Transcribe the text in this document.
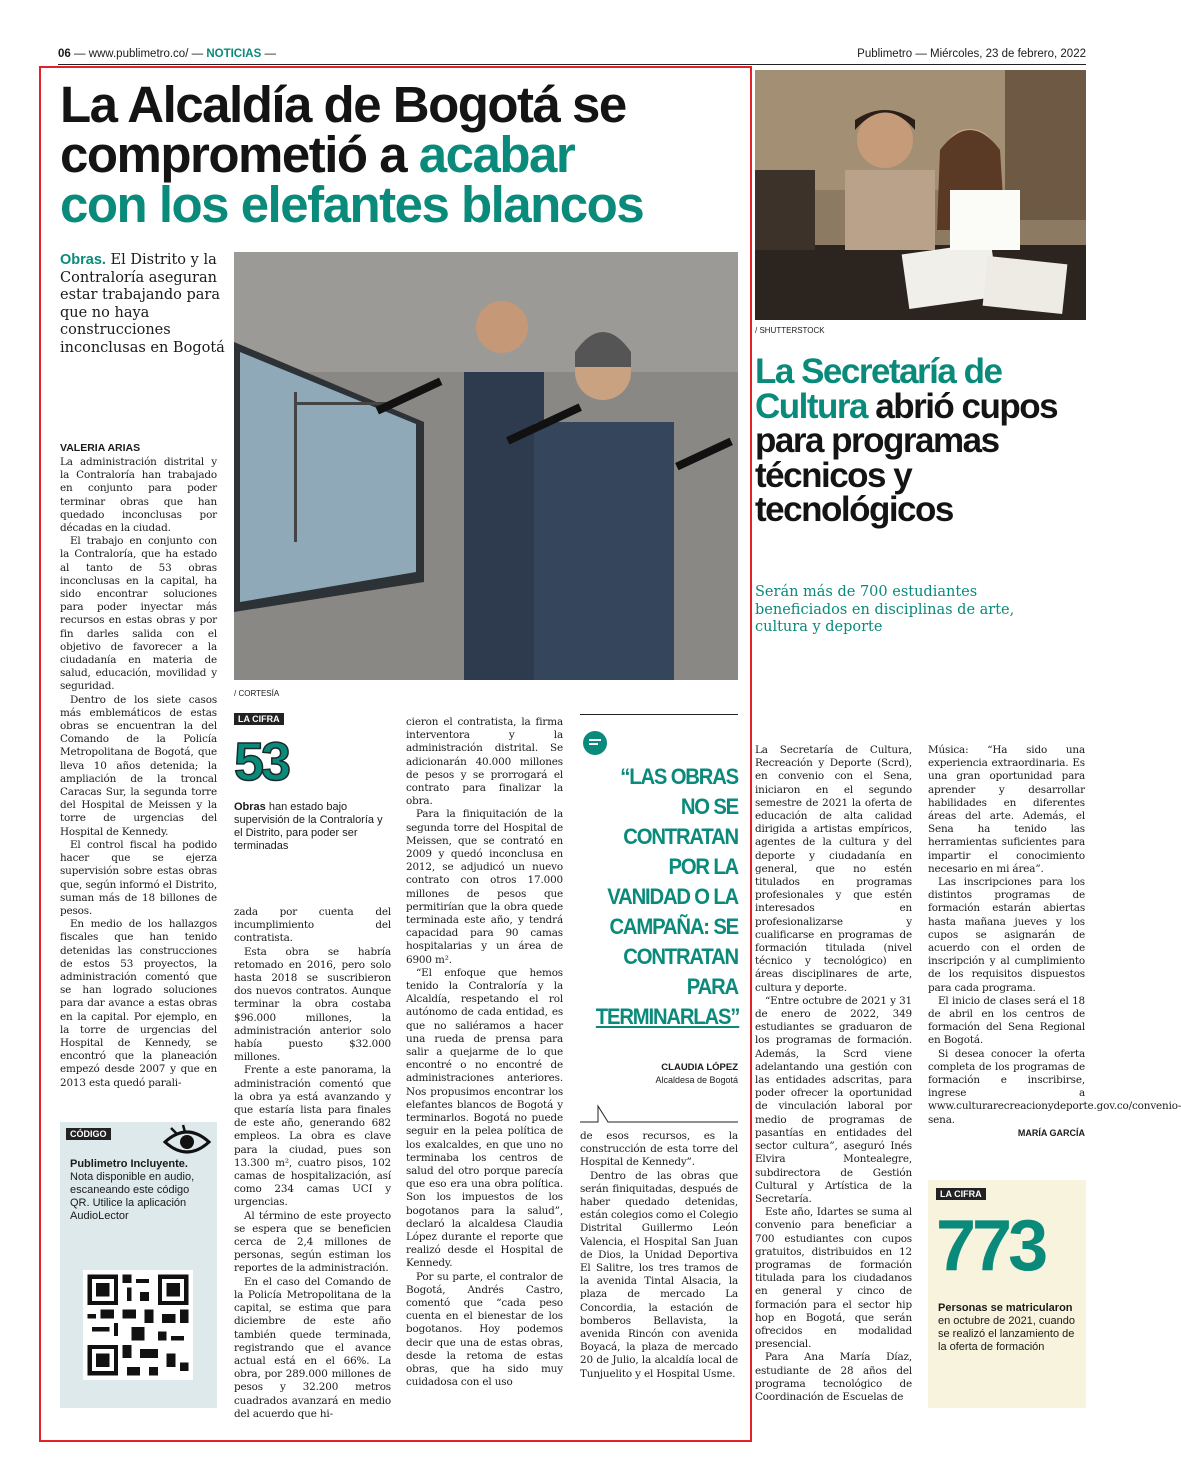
06 — www.publimetro.co/ — NOTICIAS —	Publimetro — Miércoles, 23 de febrero, 2022
La Alcaldía de Bogotá se
comprometió a acabar
con los elefantes blancos
Obras. El Distrito y la Contraloría aseguran estar trabajando para que no haya construcciones inconclusas en Bogotá
VALERIA ARIAS
/ CORTESÍA

La administración distrital y la Contraloría han trabajado en conjunto para poder terminar obras que han quedado inconclusas por décadas en la ciudad.

El trabajo en conjunto con la Contraloría, que ha estado al tanto de 53 obras inconclusas en la capital, ha sido encontrar soluciones para poder inyectar más recursos en estas obras y por fin darles salida con el objetivo de favorecer a la ciudadanía en materia de salud, educación, movilidad y seguridad.

Dentro de los siete casos más emblemáticos de estas obras se encuentran la del Comando de la Policía Metropolitana de Bogotá, que lleva 10 años detenida; la ampliación de la troncal Caracas Sur, la segunda torre del Hospital de Meissen y la torre de urgencias del Hospital de Kennedy.

El control fiscal ha podido hacer que se ejerza supervisión sobre estas obras que, según informó el Distrito, suman más de 18 billones de pesos.

En medio de los hallazgos fiscales que han tenido detenidas las construcciones de estos 53 proyectos, la administración comentó que se han logrado soluciones para dar avance a estas obras en la capital. Por ejemplo, en la torre de urgencias del Hospital de Kennedy, se encontró que la planeación empezó desde 2007 y que en 2013 esta quedó parali-

CÓDIGO
Publimetro Incluyente. Nota disponible en audio, escaneando este código QR. Utilice la aplicación AudioLector
LA CIFRA
53
Obras han estado bajo supervisión de la Contraloría y el Distrito, para poder ser terminadas

zada por cuenta del incumplimiento del contratista.

Esta obra se habría retomado en 2016, pero solo hasta 2018 se suscribieron dos nuevos contratos. Aunque terminar la obra costaba $96.000 millones, la administración anterior solo había puesto $32.000 millones.

Frente a este panorama, la administración comentó que la obra ya está avanzando y que estaría lista para finales de este año, generando 682 empleos. La obra es clave para la ciudad, pues son 13.300 m², cuatro pisos, 102 camas de hospitalización, así como 234 camas UCI y urgencias.

Al término de este proyecto se espera que se beneficien cerca de 2,4 millones de personas, según estiman los reportes de la administración.

En el caso del Comando de la Policía Metropolitana de la capital, se estima que para diciembre de este año también quede terminada, registrando que el avance actual está en el 66%. La obra, por 289.000 millones de pesos y 32.200 metros cuadrados avanzará en medio del acuerdo que hi-

cieron el contratista, la firma interventora y la administración distrital. Se adicionarán 40.000 millones de pesos y se prorrogará el contrato para finalizar la obra.

Para la finiquitación de la segunda torre del Hospital de Meissen, que se contrató en 2009 y quedó inconclusa en 2012, se adjudicó un nuevo contrato con otros 17.000 millones de pesos que permitirían que la obra quede terminada este año, y tendrá capacidad para 90 camas hospitalarias y un área de 6900 m².

“El enfoque que hemos tenido la Contraloría y la Alcaldía, respetando el rol autónomo de cada entidad, es que no saliéramos a hacer una rueda de prensa para salir a quejarme de lo que encontré o no encontré de administraciones anteriores. Nos propusimos encontrar los elefantes blancos de Bogotá y terminarlos. Bogotá no puede seguir en la pelea política de los exalcaldes, en que uno no terminaba los centros de salud del otro porque parecía que eso era una obra política. Son los impuestos de los bogotanos para la salud”, declaró la alcaldesa Claudia López durante el reporte que realizó desde el Hospital de Kennedy.

Por su parte, el contralor de Bogotá, Andrés Castro, comentó que “cada peso cuenta en el bienestar de los bogotanos. Hoy podemos decir que una de estas obras, desde la retoma de estas obras, que ha sido muy cuidadosa con el uso

“LAS OBRAS
NO SE
CONTRATAN
POR LA
VANIDAD O LA
CAMPAÑA: SE
CONTRATAN
PARA
TERMINARLAS”
CLAUDIA LÓPEZ
Alcaldesa de Bogotá

de esos recursos, es la construcción de esta torre del Hospital de Kennedy”.

Dentro de las obras que serán finiquitadas, después de haber quedado detenidas, están colegios como el Colegio Distrital Guillermo León Valencia, el Hospital San Juan de Dios, la Unidad Deportiva El Salitre, los tres tramos de la avenida Tintal Alsacia, la plaza de mercado La Concordia, la estación de bomberos Bellavista, la avenida Rincón con avenida Boyacá, la plaza de mercado 20 de Julio, la alcaldía local de Tunjuelito y el Hospital Usme.

/ SHUTTERSTOCK
La Secretaría de Cultura abrió cupos para programas técnicos y tecnológicos
Serán más de 700 estudiantes beneficiados en disciplinas de arte, cultura y deporte

La Secretaría de Cultura, Recreación y Deporte (Scrd), en convenio con el Sena, iniciaron en el segundo semestre de 2021 la oferta de educación de alta calidad dirigida a artistas empíricos, agentes de la cultura y del deporte y ciudadanía en general, que no estén titulados en programas profesionales y que estén interesados en profesionalizarse y cualificarse en programas de formación titulada (nivel técnico y tecnológico) en áreas disciplinares de arte, cultura y deporte.

“Entre octubre de 2021 y 31 de enero de 2022, 349 estudiantes se graduaron de los programas de formación. Además, la Scrd viene adelantando una gestión con las entidades adscritas, para poder ofrecer la oportunidad de vinculación laboral por medio de programas de pasantías en entidades del sector cultura”, aseguró Inés Elvira Montealegre, subdirectora de Gestión Cultural y Artística de la Secretaría.

Este año, Idartes se suma al convenio para beneficiar a 700 estudiantes con cupos gratuitos, distribuidos en 12 programas de formación titulada para los ciudadanos en general y cinco de formación para el sector hip hop en Bogotá, que serán ofrecidos en modalidad presencial.

Para Ana María Díaz, estudiante de 28 años del programa tecnológico de Coordinación de Escuelas de

Música: “Ha sido una experiencia extraordinaria. Es una gran oportunidad para aprender y desarrollar habilidades en diferentes áreas del arte. Además, el Sena ha tenido las herramientas suficientes para impartir el conocimiento necesario en mi área”.

Las inscripciones para los distintos programas de formación estarán abiertas hasta mañana jueves y los cupos se asignarán de acuerdo con el orden de inscripción y al cumplimiento de los requisitos dispuestos para cada programa.

El inicio de clases será el 18 de abril en los centros de formación del Sena Regional en Bogotá.

Si desea conocer la oferta completa de los programas de formación e inscribirse, ingrese a www.culturarecreacionydeporte.gov.co/convenio-sena.

MARÍA GARCÍA
LA CIFRA
773
Personas se matricularon en octubre de 2021, cuando se realizó el lanzamiento de la oferta de formación
